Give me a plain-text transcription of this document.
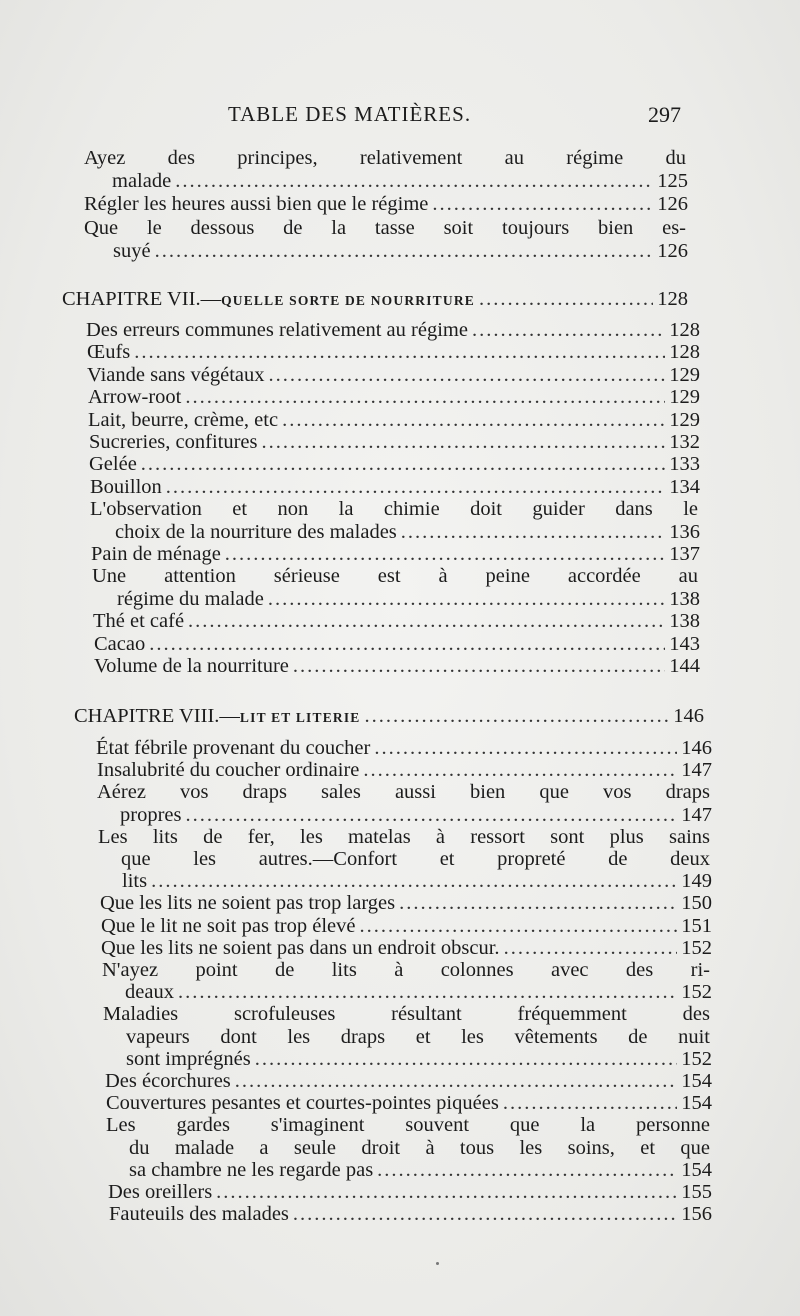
TABLE DES MATIÈRES.	297
Ayez des principes, relativement au régime du
malade .....	125
Régler les heures aussi bien que le régime .....	126
Que le dessous de la tasse soit toujours bien es-
suyé .....	126
CHAPITRE VII.— QUELLE SORTE DE NOURRITURE .....	128
Des erreurs communes relativement au régime .....	128
Œufs .....	128
Viande sans végétaux .....	129
Arrow-root .....	129
Lait, beurre, crème, etc .....	129
Sucreries, confitures .....	132
Gelée .....	133
Bouillon .....	134
L'observation et non la chimie doit guider dans le
choix de la nourriture des malades .....	136
Pain de ménage .....	137
Une attention sérieuse est à peine accordée au
régime du malade .....	138
Thé et café .....	138
Cacao .....	143
Volume de la nourriture .....	144
CHAPITRE VIII.— LIT ET LITERIE .....	146
État fébrile provenant du coucher .....	146
Insalubrité du coucher ordinaire .....	147
Aérez vos draps sales aussi bien que vos draps
propres .....	147
Les lits de fer, les matelas à ressort sont plus sains
que les autres.—Confort et propreté de deux
lits .....	149
Que les lits ne soient pas trop larges .....	150
Que le lit ne soit pas trop élevé .....	151
Que les lits ne soient pas dans un endroit obscur. .....	152
N'ayez point de lits à colonnes avec des ri-
deaux .....	152
Maladies scrofuleuses résultant fréquemment des
vapeurs dont les draps et les vêtements de nuit
sont imprégnés .....	152
Des écorchures .....	154
Couvertures pesantes et courtes-pointes piquées .....	154
Les gardes s'imaginent souvent que la personne
du malade a seule droit à tous les soins, et que
sa chambre ne les regarde pas .....	154
Des oreillers .....	155
Fauteuils des malades .....	156
